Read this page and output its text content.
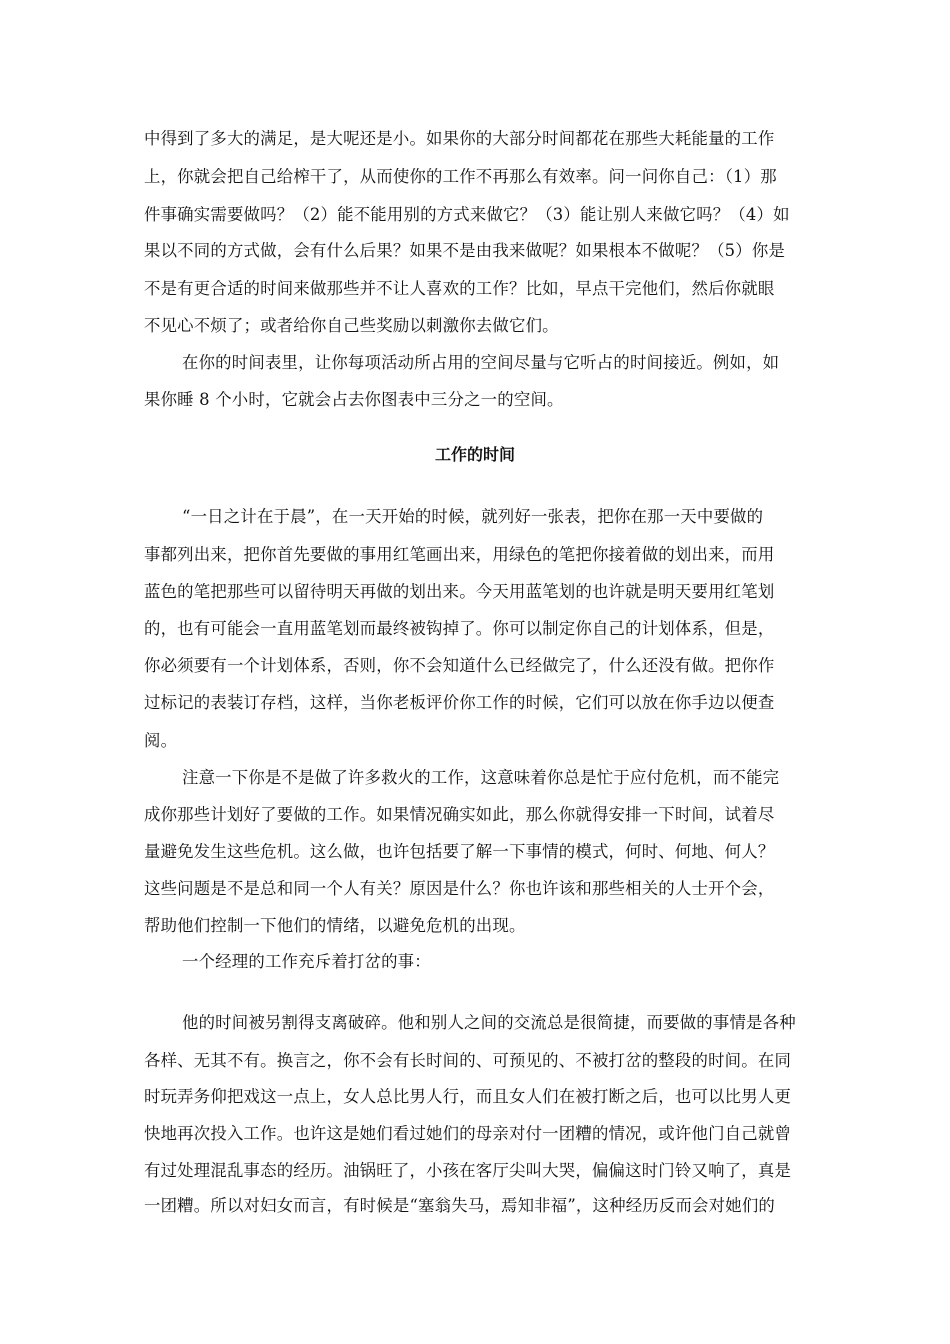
中得到了多大的满足，是大呢还是小。如果你的大部分时间都花在那些大耗能量的工作
上，你就会把自己给榨干了，从而使你的工作不再那么有效率。问一问你自己：（1）那
件事确实需要做吗？（2）能不能用别的方式来做它？（3）能让别人来做它吗？（4）如
果以不同的方式做，会有什么后果？如果不是由我来做呢？如果根本不做呢？（5）你是
不是有更合适的时间来做那些并不让人喜欢的工作？比如，早点干完他们，然后你就眼
不见心不烦了；或者给你自己些奖励以刺激你去做它们。
在你的时间表里，让你每项活动所占用的空间尽量与它听占的时间接近。例如，如
果你睡 8 个小时，它就会占去你图表中三分之一的空间。
工作的时间
“一日之计在于晨”，在一天开始的时候，就列好一张表，把你在那一天中要做的
事都列出来，把你首先要做的事用红笔画出来，用绿色的笔把你接着做的划出来，而用
蓝色的笔把那些可以留待明天再做的划出来。今天用蓝笔划的也许就是明天要用红笔划
的，也有可能会一直用蓝笔划而最终被钩掉了。你可以制定你自己的计划体系，但是，
你必须要有一个计划体系，否则，你不会知道什么已经做完了，什么还没有做。把你作
过标记的表装订存档，这样，当你老板评价你工作的时候，它们可以放在你手边以便查
阅。
注意一下你是不是做了许多救火的工作，这意味着你总是忙于应付危机，而不能完
成你那些计划好了要做的工作。如果情况确实如此，那么你就得安排一下时间，试着尽
量避免发生这些危机。这么做，也许包括要了解一下事情的模式，何时、何地、何人？
这些问题是不是总和同一个人有关？原因是什么？你也许该和那些相关的人士开个会，
帮助他们控制一下他们的情绪，以避免危机的出现。
一个经理的工作充斥着打岔的事：
他的时间被另割得支离破碎。他和别人之间的交流总是很简捷，而要做的事情是各种
各样、无其不有。换言之，你不会有长时间的、可预见的、不被打岔的整段的时间。在同
时玩弄务仰把戏这一点上，女人总比男人行，而且女人们在被打断之后，也可以比男人更
快地再次投入工作。也许这是她们看过她们的母亲对付一团糟的情况，或许他门自己就曾
有过处理混乱事态的经历。油锅旺了，小孩在客厅尖叫大哭，偏偏这时门铃又响了，真是
一团糟。所以对妇女而言，有时候是“塞翁失马，焉知非福”，这种经历反而会对她们的
